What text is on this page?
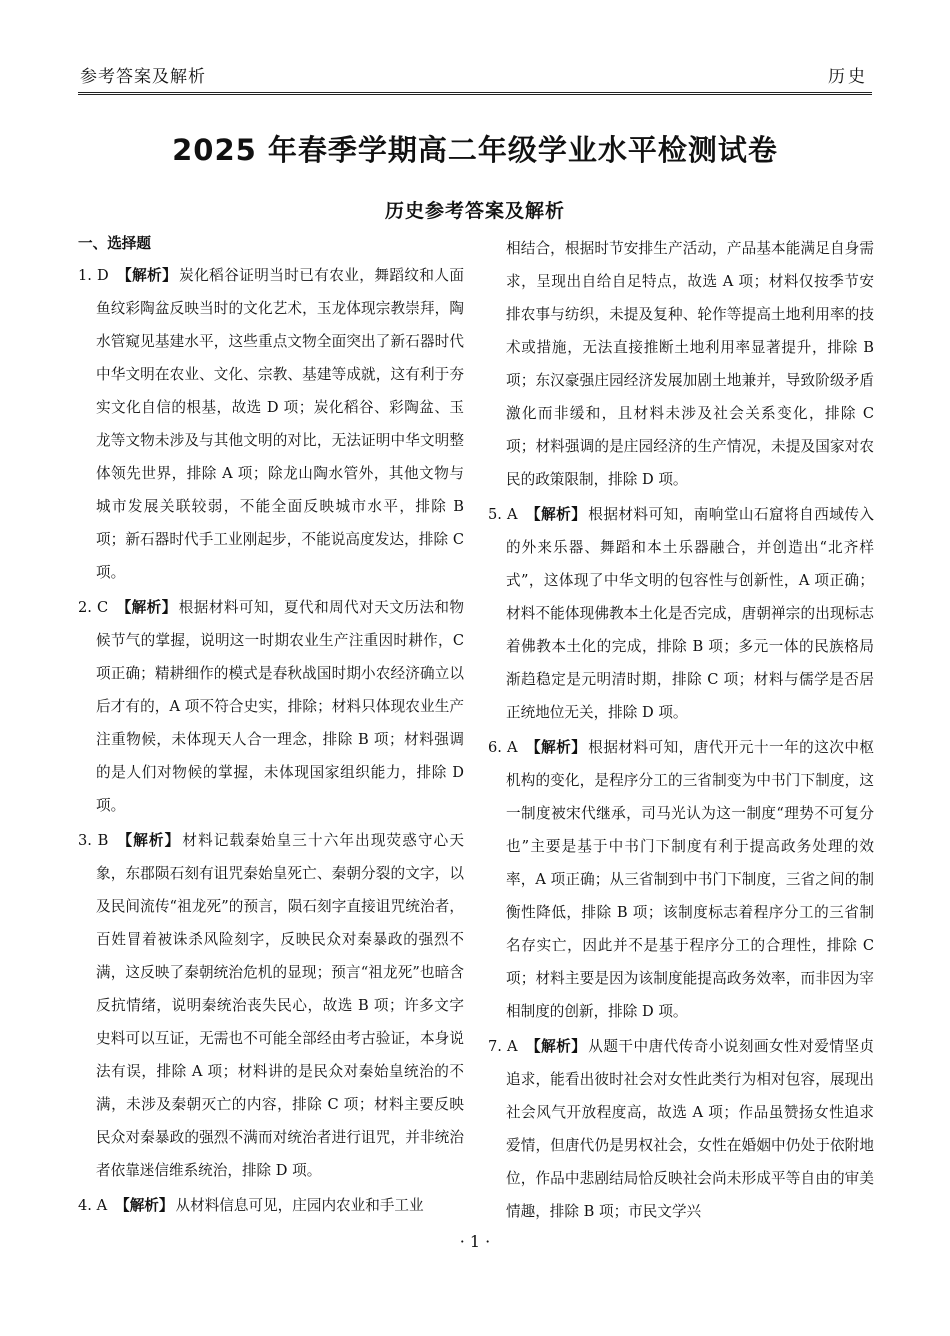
参考答案及解析	历史
2025 年春季学期高二年级学业水平检测试卷
历史参考答案及解析
一、选择题

1. D 【解析】 炭化稻谷证明当时已有农业，舞蹈纹和人面鱼纹彩陶盆反映当时的文化艺术，玉龙体现宗教崇拜，陶水管窥见基建水平，这些重点文物全面突出了新石器时代中华文明在农业、文化、宗教、基建等成就，这有利于夯实文化自信的根基，故选 D 项；炭化稻谷、彩陶盆、玉龙等文物未涉及与其他文明的对比，无法证明中华文明整体领先世界，排除 A 项；除龙山陶水管外，其他文物与城市发展关联较弱，不能全面反映城市水平，排除 B 项；新石器时代手工业刚起步，不能说高度发达，排除 C 项。

2. C 【解析】 根据材料可知，夏代和周代对天文历法和物候节气的掌握，说明这一时期农业生产注重因时耕作，C 项正确；精耕细作的模式是春秋战国时期小农经济确立以后才有的，A 项不符合史实，排除；材料只体现农业生产注重物候，未体现天人合一理念，排除 B 项；材料强调的是人们对物候的掌握，未体现国家组织能力，排除 D 项。

3. B 【解析】 材料记载秦始皇三十六年出现荧惑守心天象，东郡陨石刻有诅咒秦始皇死亡、秦朝分裂的文字，以及民间流传“祖龙死”的预言，陨石刻字直接诅咒统治者，百姓冒着被诛杀风险刻字，反映民众对秦暴政的强烈不满，这反映了秦朝统治危机的显现；预言“祖龙死”也暗含反抗情绪，说明秦统治丧失民心，故选 B 项；许多文字史料可以互证，无需也不可能全部经由考古验证，本身说法有误，排除 A 项；材料讲的是民众对秦始皇统治的不满，未涉及秦朝灭亡的内容，排除 C 项；材料主要反映民众对秦暴政的强烈不满而对统治者进行诅咒，并非统治者依靠迷信维系统治，排除 D 项。

4. A 【解析】 从材料信息可见，庄园内农业和手工业

相结合，根据时节安排生产活动，产品基本能满足自身需求，呈现出自给自足特点，故选 A 项；材料仅按季节安排农事与纺织，未提及复种、轮作等提高土地利用率的技术或措施，无法直接推断土地利用率显著提升，排除 B 项；东汉豪强庄园经济发展加剧土地兼并，导致阶级矛盾激化而非缓和，且材料未涉及社会关系变化，排除 C 项；材料强调的是庄园经济的生产情况，未提及国家对农民的政策限制，排除 D 项。

5. A 【解析】 根据材料可知，南响堂山石窟将自西域传入的外来乐器、舞蹈和本土乐器融合，并创造出“北齐样式”，这体现了中华文明的包容性与创新性，A 项正确；材料不能体现佛教本土化是否完成，唐朝禅宗的出现标志着佛教本土化的完成，排除 B 项；多元一体的民族格局渐趋稳定是元明清时期，排除 C 项；材料与儒学是否居正统地位无关，排除 D 项。

6. A 【解析】 根据材料可知，唐代开元十一年的这次中枢机构的变化，是程序分工的三省制变为中书门下制度，这一制度被宋代继承，司马光认为这一制度“理势不可复分也”主要是基于中书门下制度有利于提高政务处理的效率，A 项正确；从三省制到中书门下制度，三省之间的制衡性降低，排除 B 项；该制度标志着程序分工的三省制名存实亡，因此并不是基于程序分工的合理性，排除 C 项；材料主要是因为该制度能提高政务效率，而非因为宰相制度的创新，排除 D 项。

7. A 【解析】 从题干中唐代传奇小说刻画女性对爱情坚贞追求，能看出彼时社会对女性此类行为相对包容，展现出社会风气开放程度高，故选 A 项；作品虽赞扬女性追求爱情，但唐代仍是男权社会，女性在婚姻中仍处于依附地位，作品中悲剧结局恰反映社会尚未形成平等自由的审美情趣，排除 B 项；市民文学兴

· 1 ·
